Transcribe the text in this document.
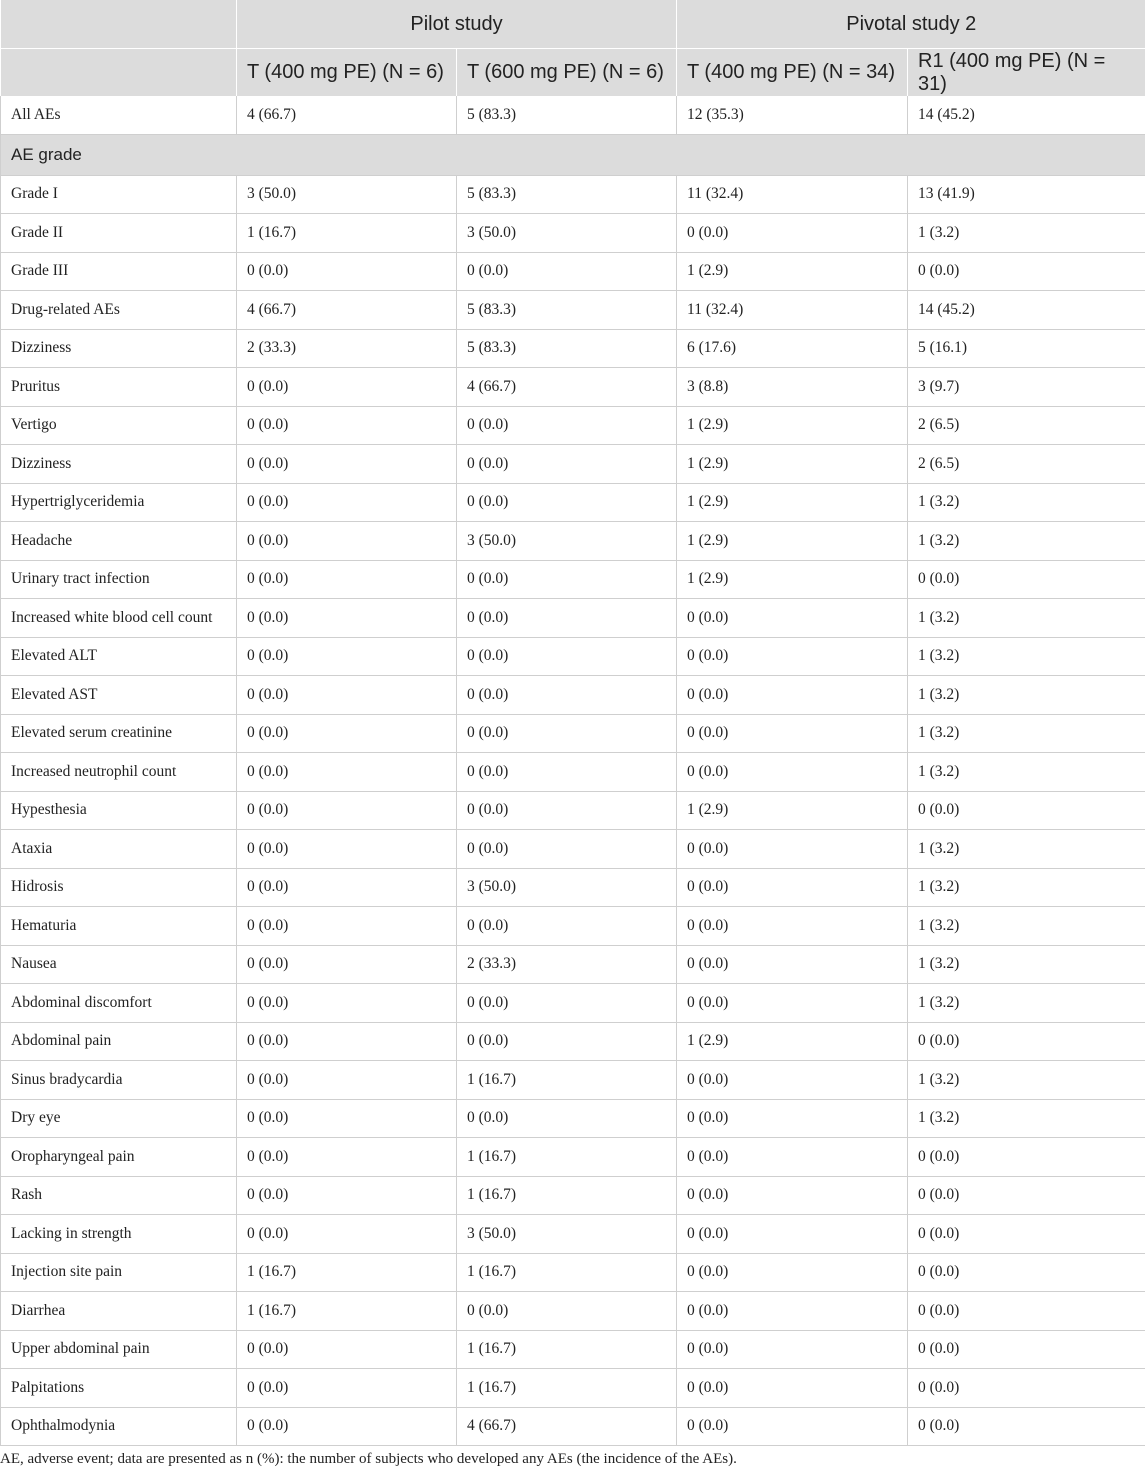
	Pilot study		Pivotal study 2	
	T (400 mg PE) (N = 6)	T (600 mg PE) (N = 6)	T (400 mg PE) (N = 34)	R1 (400 mg PE) (N = 31)
All AEs	4 (66.7)	5 (83.3)	12 (35.3)	14 (45.2)
AE grade				
Grade I	3 (50.0)	5 (83.3)	11 (32.4)	13 (41.9)
Grade II	1 (16.7)	3 (50.0)	0 (0.0)	1 (3.2)
Grade III	0 (0.0)	0 (0.0)	1 (2.9)	0 (0.0)
Drug-related AEs	4 (66.7)	5 (83.3)	11 (32.4)	14 (45.2)
Dizziness	2 (33.3)	5 (83.3)	6 (17.6)	5 (16.1)
Pruritus	0 (0.0)	4 (66.7)	3 (8.8)	3 (9.7)
Vertigo	0 (0.0)	0 (0.0)	1 (2.9)	2 (6.5)
Dizziness	0 (0.0)	0 (0.0)	1 (2.9)	2 (6.5)
Hypertriglyceridemia	0 (0.0)	0 (0.0)	1 (2.9)	1 (3.2)
Headache	0 (0.0)	3 (50.0)	1 (2.9)	1 (3.2)
Urinary tract infection	0 (0.0)	0 (0.0)	1 (2.9)	0 (0.0)
Increased white blood cell count	0 (0.0)	0 (0.0)	0 (0.0)	1 (3.2)
Elevated ALT	0 (0.0)	0 (0.0)	0 (0.0)	1 (3.2)
Elevated AST	0 (0.0)	0 (0.0)	0 (0.0)	1 (3.2)
Elevated serum creatinine	0 (0.0)	0 (0.0)	0 (0.0)	1 (3.2)
Increased neutrophil count	0 (0.0)	0 (0.0)	0 (0.0)	1 (3.2)
Hypesthesia	0 (0.0)	0 (0.0)	1 (2.9)	0 (0.0)
Ataxia	0 (0.0)	0 (0.0)	0 (0.0)	1 (3.2)
Hidrosis	0 (0.0)	3 (50.0)	0 (0.0)	1 (3.2)
Hematuria	0 (0.0)	0 (0.0)	0 (0.0)	1 (3.2)
Nausea	0 (0.0)	2 (33.3)	0 (0.0)	1 (3.2)
Abdominal discomfort	0 (0.0)	0 (0.0)	0 (0.0)	1 (3.2)
Abdominal pain	0 (0.0)	0 (0.0)	1 (2.9)	0 (0.0)
Sinus bradycardia	0 (0.0)	1 (16.7)	0 (0.0)	1 (3.2)
Dry eye	0 (0.0)	0 (0.0)	0 (0.0)	1 (3.2)
Oropharyngeal pain	0 (0.0)	1 (16.7)	0 (0.0)	0 (0.0)
Rash	0 (0.0)	1 (16.7)	0 (0.0)	0 (0.0)
Lacking in strength	0 (0.0)	3 (50.0)	0 (0.0)	0 (0.0)
Injection site pain	1 (16.7)	1 (16.7)	0 (0.0)	0 (0.0)
Diarrhea	1 (16.7)	0 (0.0)	0 (0.0)	0 (0.0)
Upper abdominal pain	0 (0.0)	1 (16.7)	0 (0.0)	0 (0.0)
Palpitations	0 (0.0)	1 (16.7)	0 (0.0)	0 (0.0)
Ophthalmodynia	0 (0.0)	4 (66.7)	0 (0.0)	0 (0.0)
AE, adverse event; data are presented as n (%): the number of subjects who developed any AEs (the incidence of the AEs).
